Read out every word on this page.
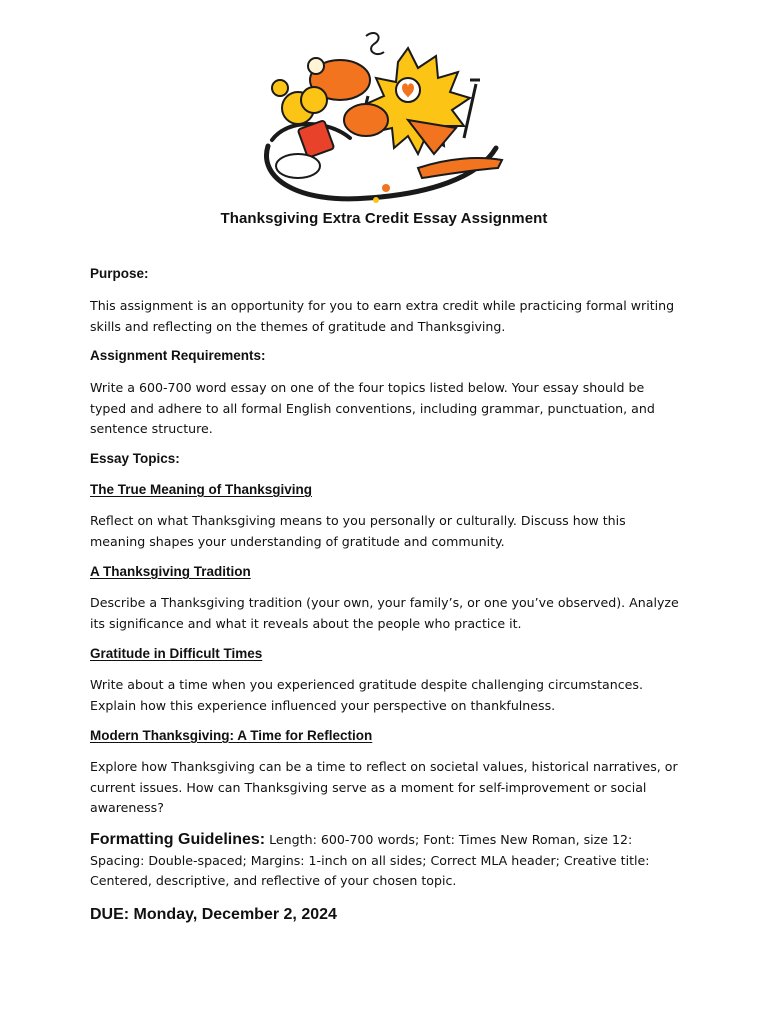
Thanksgiving Extra Credit Essay Assignment
Purpose:
This assignment is an opportunity for you to earn extra credit while practicing formal writing skills and reflecting on the themes of gratitude and Thanksgiving.
Assignment Requirements:
Write a 600-700 word essay on one of the four topics listed below. Your essay should be typed and adhere to all formal English conventions, including grammar, punctuation, and sentence structure.
Essay Topics:
The True Meaning of Thanksgiving
Reflect on what Thanksgiving means to you personally or culturally. Discuss how this meaning shapes your understanding of gratitude and community.
A Thanksgiving Tradition
Describe a Thanksgiving tradition (your own, your family’s, or one you’ve observed). Analyze its significance and what it reveals about the people who practice it.
Gratitude in Difficult Times
Write about a time when you experienced gratitude despite challenging circumstances. Explain how this experience influenced your perspective on thankfulness.
Modern Thanksgiving: A Time for Reflection
Explore how Thanksgiving can be a time to reflect on societal values, historical narratives, or current issues. How can Thanksgiving serve as a moment for self-improvement or social awareness?
Formatting Guidelines: Length: 600-700 words; Font: Times New Roman, size 12: Spacing: Double-spaced; Margins: 1-inch on all sides; Correct MLA header; Creative title: Centered, descriptive, and reflective of your chosen topic.
DUE: Monday, December 2, 2024
